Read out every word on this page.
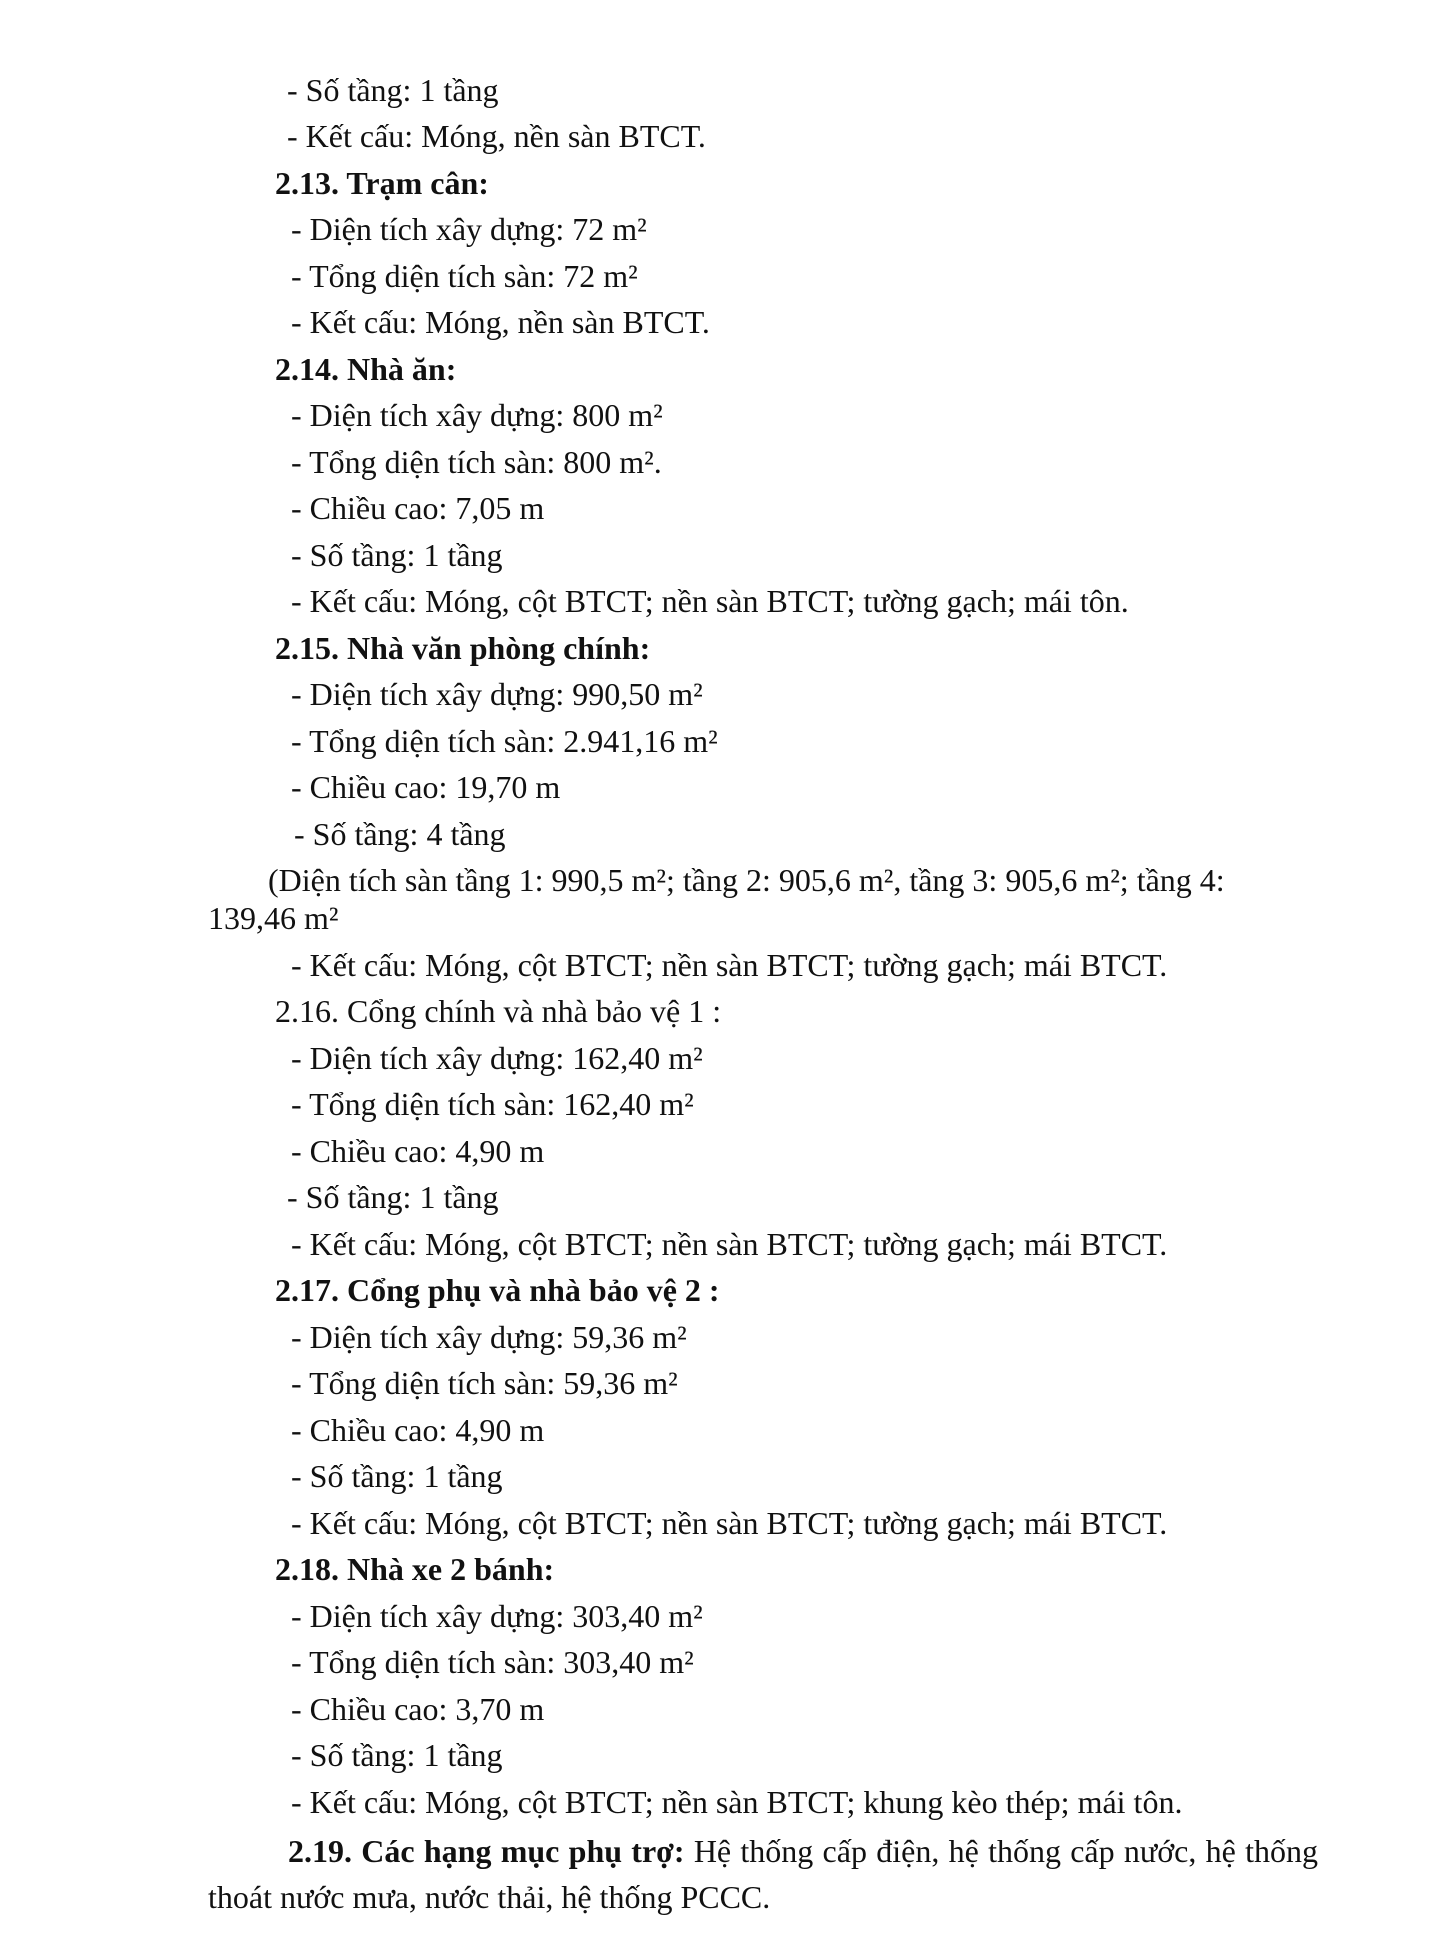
- Số tầng: 1 tầng
- Kết cấu: Móng, nền sàn BTCT.
2.13. Trạm cân:
- Diện tích xây dựng: 72 m²
- Tổng diện tích sàn: 72 m²
- Kết cấu: Móng, nền sàn BTCT.
2.14. Nhà ăn:
- Diện tích xây dựng: 800 m²
- Tổng diện tích sàn: 800 m².
- Chiều cao: 7,05 m
- Số tầng: 1 tầng
- Kết cấu: Móng, cột BTCT; nền sàn BTCT; tường gạch; mái tôn.
2.15. Nhà văn phòng chính:
- Diện tích xây dựng: 990,50 m²
- Tổng diện tích sàn: 2.941,16 m²
- Chiều cao: 19,70 m
- Số tầng: 4 tầng
(Diện tích sàn tầng 1: 990,5 m²; tầng 2: 905,6 m², tầng 3: 905,6 m²; tầng 4:
139,46 m²
- Kết cấu: Móng, cột BTCT; nền sàn BTCT; tường gạch; mái BTCT.
2.16. Cổng chính và nhà bảo vệ 1 :
- Diện tích xây dựng: 162,40 m²
- Tổng diện tích sàn: 162,40 m²
- Chiều cao: 4,90 m
- Số tầng: 1 tầng
- Kết cấu: Móng, cột BTCT; nền sàn BTCT; tường gạch; mái BTCT.
2.17. Cổng phụ và nhà bảo vệ 2 :
- Diện tích xây dựng: 59,36 m²
- Tổng diện tích sàn: 59,36 m²
- Chiều cao: 4,90 m
- Số tầng: 1 tầng
- Kết cấu: Móng, cột BTCT; nền sàn BTCT; tường gạch; mái BTCT.
2.18. Nhà xe 2 bánh:
- Diện tích xây dựng: 303,40 m²
- Tổng diện tích sàn: 303,40 m²
- Chiều cao: 3,70 m
- Số tầng: 1 tầng
- Kết cấu: Móng, cột BTCT; nền sàn BTCT; khung kèo thép; mái tôn.

2.19. Các hạng mục phụ trợ: Hệ thống cấp điện, hệ thống cấp nước, hệ thống thoát nước mưa, nước thải, hệ thống PCCC.
